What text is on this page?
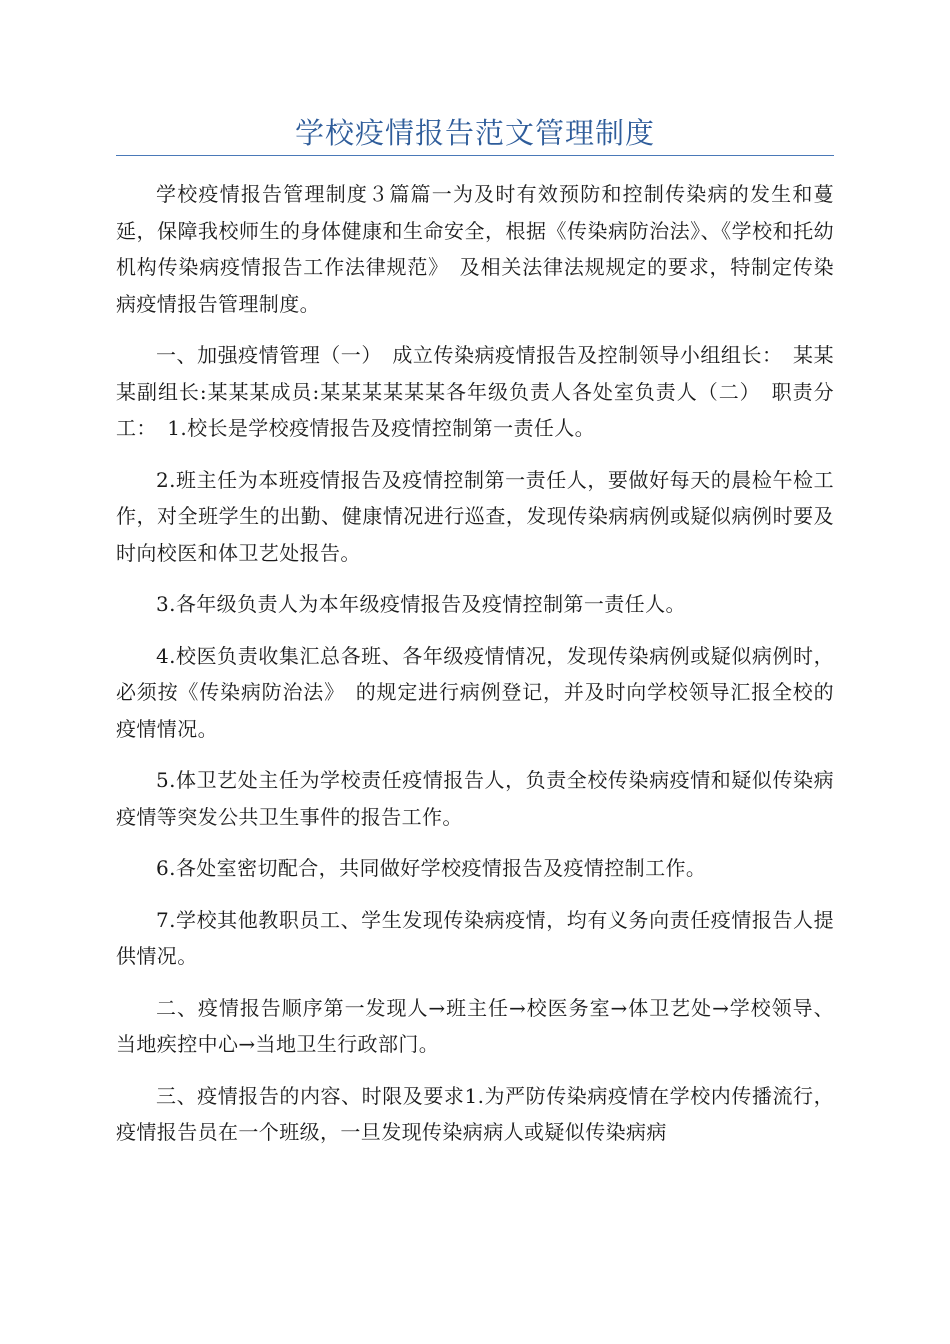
学校疫情报告范文管理制度

学校疫情报告管理制度３篇篇一为及时有效预防和控制传染病的发生和蔓延，保障我校师生的身体健康和生命安全，根据《传染病防治法》、《学校和托幼机构传染病疫情报告工作法律规范》　及相关法律法规规定的要求，特制定传染病疫情报告管理制度。

一、加强疫情管理（一）　成立传染病疫情报告及控制领导小组组长：　某某某副组长:某某某成员:某某某某某某各年级负责人各处室负责人（二）　职责分工：　1.校长是学校疫情报告及疫情控制第一责任人。

2.班主任为本班疫情报告及疫情控制第一责任人，要做好每天的晨检午检工作，对全班学生的出勤、健康情况进行巡查，发现传染病病例或疑似病例时要及时向校医和体卫艺处报告。

3.各年级负责人为本年级疫情报告及疫情控制第一责任人。

4.校医负责收集汇总各班、各年级疫情情况，发现传染病例或疑似病例时，必须按《传染病防治法》　的规定进行病例登记，并及时向学校领导汇报全校的疫情情况。

5.体卫艺处主任为学校责任疫情报告人，负责全校传染病疫情和疑似传染病疫情等突发公共卫生事件的报告工作。

6.各处室密切配合，共同做好学校疫情报告及疫情控制工作。

7.学校其他教职员工、学生发现传染病疫情，均有义务向责任疫情报告人提供情况。

二、疫情报告顺序第一发现人→班主任→校医务室→体卫艺处→学校领导、当地疾控中心→当地卫生行政部门。

三、疫情报告的内容、时限及要求1.为严防传染病疫情在学校内传播流行，疫情报告员在一个班级，一旦发现传染病病人或疑似传染病病
